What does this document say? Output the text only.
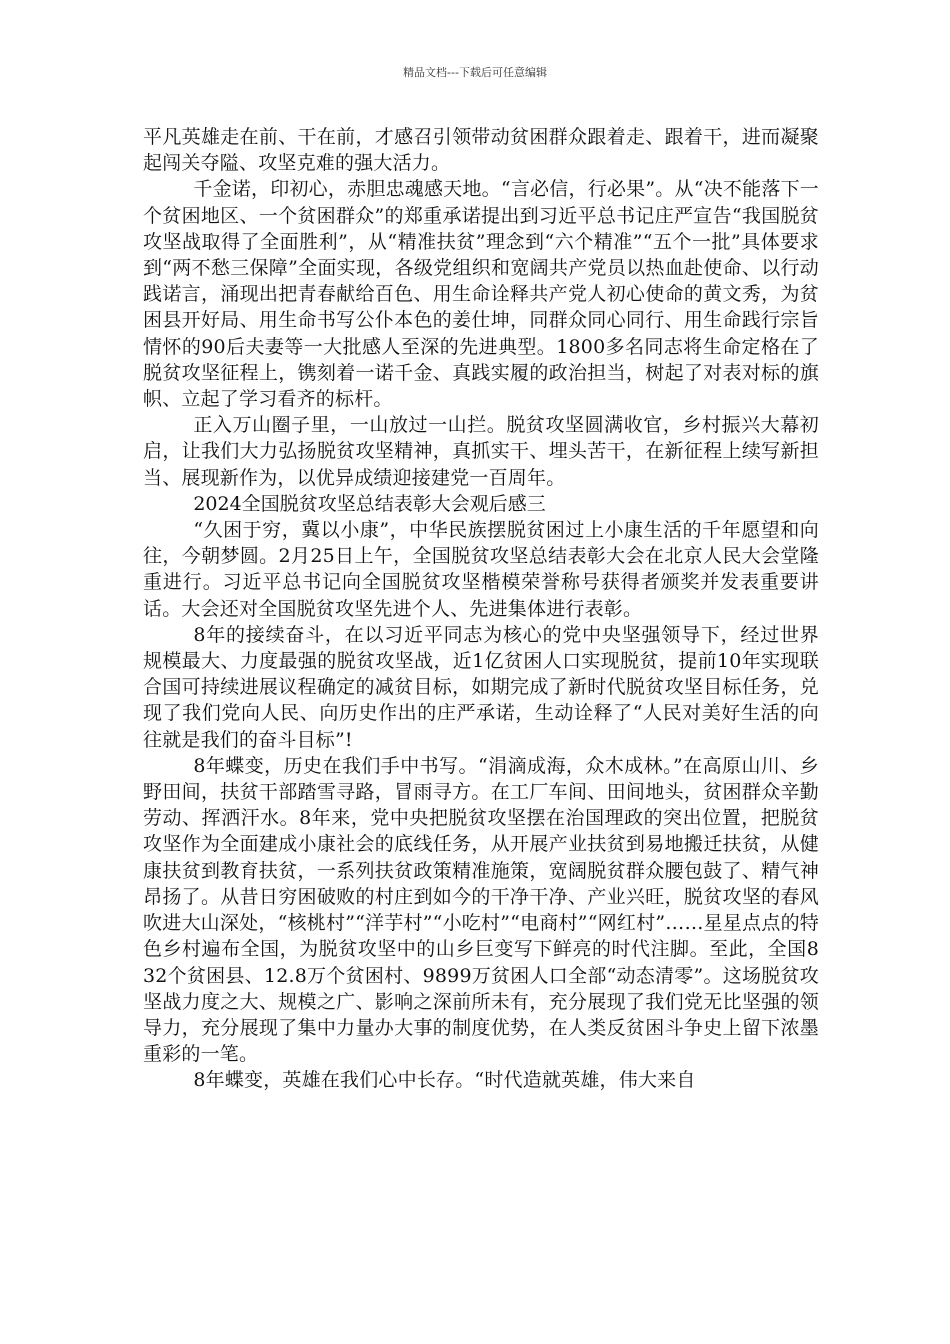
精品文档---下载后可任意编辑

平凡英雄走在前、干在前，才感召引领带动贫困群众跟着走、跟着干，进而凝聚起闯关夺隘、攻坚克难的强大活力。

千金诺，印初心，赤胆忠魂感天地。“言必信，行必果”。从“决不能落下一个贫困地区、一个贫困群众”的郑重承诺提出到习近平总书记庄严宣告“我国脱贫攻坚战取得了全面胜利”，从“精准扶贫”理念到“六个精准”“五个一批”具体要求到“两不愁三保障”全面实现，各级党组织和宽阔共产党员以热血赴使命、以行动践诺言，涌现出把青春献给百色、用生命诠释共产党人初心使命的黄文秀，为贫困县开好局、用生命书写公仆本色的姜仕坤，同群众同心同行、用生命践行宗旨情怀的90后夫妻等一大批感人至深的先进典型。1800多名同志将生命定格在了脱贫攻坚征程上，镌刻着一诺千金、真践实履的政治担当，树起了对表对标的旗帜、立起了学习看齐的标杆。

正入万山圈子里，一山放过一山拦。脱贫攻坚圆满收官，乡村振兴大幕初启，让我们大力弘扬脱贫攻坚精神，真抓实干、埋头苦干，在新征程上续写新担当、展现新作为，以优异成绩迎接建党一百周年。

2024全国脱贫攻坚总结表彰大会观后感三

“久困于穷，冀以小康”，中华民族摆脱贫困过上小康生活的千年愿望和向往，今朝梦圆。2月25日上午，全国脱贫攻坚总结表彰大会在北京人民大会堂隆重进行。习近平总书记向全国脱贫攻坚楷模荣誉称号获得者颁奖并发表重要讲话。大会还对全国脱贫攻坚先进个人、先进集体进行表彰。

8年的接续奋斗，在以习近平同志为核心的党中央坚强领导下，经过世界规模最大、力度最强的脱贫攻坚战，近1亿贫困人口实现脱贫，提前10年实现联合国可持续进展议程确定的减贫目标，如期完成了新时代脱贫攻坚目标任务，兑现了我们党向人民、向历史作出的庄严承诺，生动诠释了“人民对美好生活的向往就是我们的奋斗目标”!

8年蝶变，历史在我们手中书写。“涓滴成海，众木成林。”在高原山川、乡野田间，扶贫干部踏雪寻路，冒雨寻方。在工厂车间、田间地头，贫困群众辛勤劳动、挥洒汗水。8年来，党中央把脱贫攻坚摆在治国理政的突出位置，把脱贫攻坚作为全面建成小康社会的底线任务，从开展产业扶贫到易地搬迁扶贫，从健康扶贫到教育扶贫，一系列扶贫政策精准施策，宽阔脱贫群众腰包鼓了、精气神昂扬了。从昔日穷困破败的村庄到如今的干净干净、产业兴旺，脱贫攻坚的春风吹进大山深处，“核桃村”“洋芋村”“小吃村”“电商村”“网红村”……星星点点的特色乡村遍布全国，为脱贫攻坚中的山乡巨变写下鲜亮的时代注脚。至此，全国832个贫困县、12.8万个贫困村、9899万贫困人口全部“动态清零”。这场脱贫攻坚战力度之大、规模之广、影响之深前所未有，充分展现了我们党无比坚强的领导力，充分展现了集中力量办大事的制度优势，在人类反贫困斗争史上留下浓墨重彩的一笔。

8年蝶变，英雄在我们心中长存。“时代造就英雄，伟大来自
